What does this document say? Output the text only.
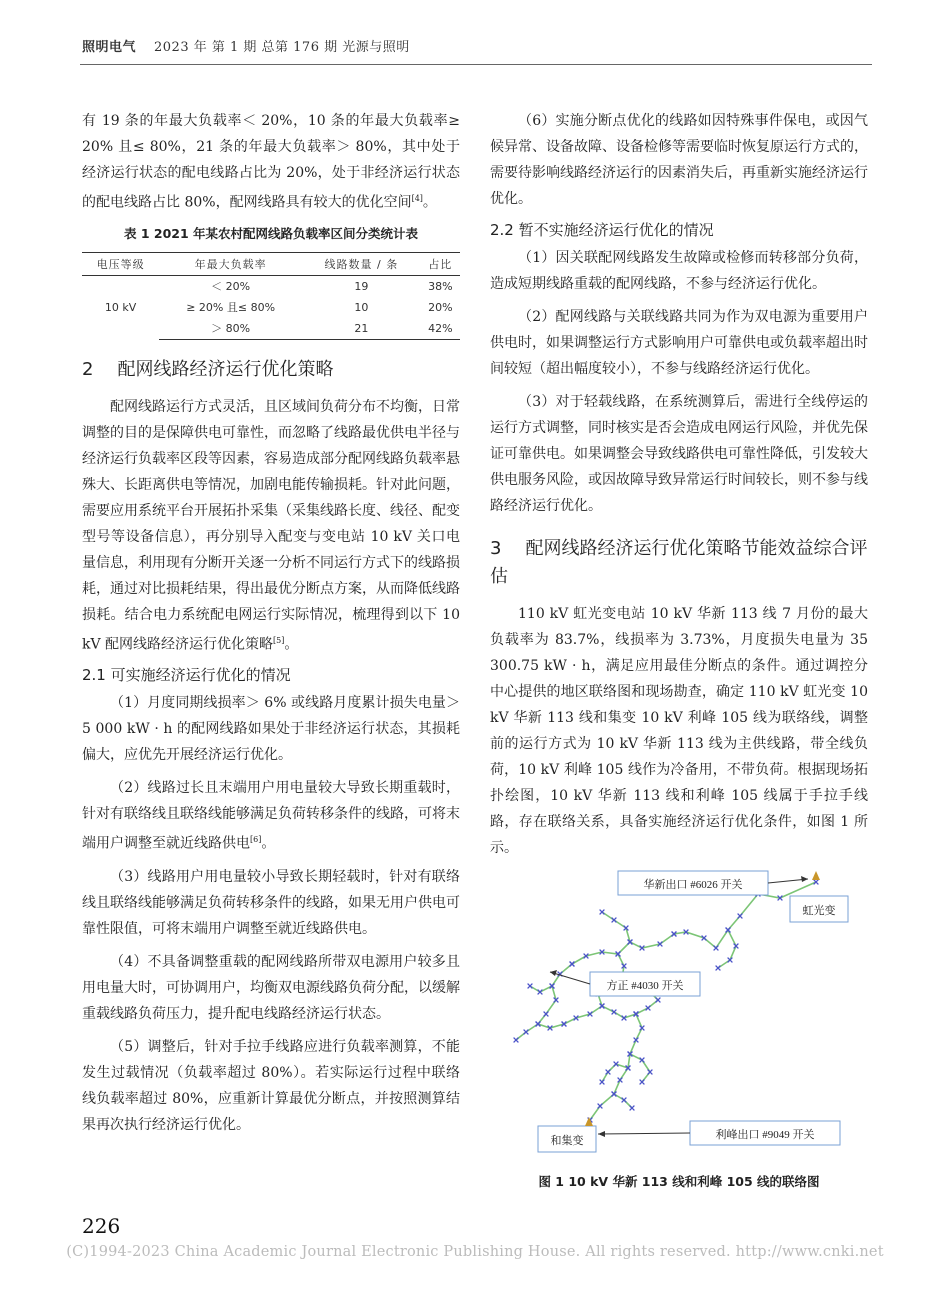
照明电气 2023 年 第 1 期 总第 176 期 光源与照明

有 19 条的年最大负载率＜ 20%，10 条的年最大负载率≥ 20% 且≤ 80%，21 条的年最大负载率＞ 80%，其中处于经济运行状态的配电线路占比为 20%，处于非经济运行状态的配电线路占比 80%，配网线路具有较大的优化空间[4]。

表 1 2021 年某农村配网线路负载率区间分类统计表
电压等级	年最大负载率	线路数量 / 条	占比
10 kV	＜ 20%	19	38%
	≥ 20% 且≤ 80%	10	20%
	＞ 80%	21	42%
2 配网线路经济运行优化策略

配网线路运行方式灵活，且区域间负荷分布不均衡，日常调整的目的是保障供电可靠性，而忽略了线路最优供电半径与经济运行负载率区段等因素，容易造成部分配网线路负载率悬殊大、长距离供电等情况，加剧电能传输损耗。针对此问题，需要应用系统平台开展拓扑采集（采集线路长度、线径、配变型号等设备信息），再分别导入配变与变电站 10 kV 关口电量信息，利用现有分断开关逐一分析不同运行方式下的线路损耗，通过对比损耗结果，得出最优分断点方案，从而降低线路损耗。结合电力系统配电网运行实际情况，梳理得到以下 10 kV 配网线路经济运行优化策略[5]。

2.1 可实施经济运行优化的情况

（1）月度同期线损率＞ 6% 或线路月度累计损失电量＞ 5 000 kW · h 的配网线路如果处于非经济运行状态，其损耗偏大，应优先开展经济运行优化。

（2）线路过长且末端用户用电量较大导致长期重载时，针对有联络线且联络线能够满足负荷转移条件的线路，可将末端用户调整至就近线路供电[6]。

（3）线路用户用电量较小导致长期轻载时，针对有联络线且联络线能够满足负荷转移条件的线路，如果无用户供电可靠性限值，可将末端用户调整至就近线路供电。

（4）不具备调整重载的配网线路所带双电源用户较多且用电量大时，可协调用户，均衡双电源线路负荷分配，以缓解重载线路负荷压力，提升配电线路经济运行状态。

（5）调整后，针对手拉手线路应进行负载率测算，不能发生过载情况（负载率超过 80%）。若实际运行过程中联络线负载率超过 80%，应重新计算最优分断点，并按照测算结果再次执行经济运行优化。

（6）实施分断点优化的线路如因特殊事件保电，或因气候异常、设备故障、设备检修等需要临时恢复原运行方式的，需要待影响线路经济运行的因素消失后，再重新实施经济运行优化。

2.2 暂不实施经济运行优化的情况

（1）因关联配网线路发生故障或检修而转移部分负荷，造成短期线路重载的配网线路，不参与经济运行优化。

（2）配网线路与关联线路共同为作为双电源为重要用户供电时，如果调整运行方式影响用户可靠供电或负载率超出时间较短（超出幅度较小），不参与线路经济运行优化。

（3）对于轻载线路，在系统测算后，需进行全线停运的运行方式调整，同时核实是否会造成电网运行风险，并优先保证可靠供电。如果调整会导致线路供电可靠性降低，引发较大供电服务风险，或因故障导致异常运行时间较长，则不参与线路经济运行优化。

3 配网线路经济运行优化策略节能效益综合评估

110 kV 虹光变电站 10 kV 华新 113 线 7 月份的最大负载率为 83.7%，线损率为 3.73%，月度损失电量为 35 300.75 kW · h，满足应用最佳分断点的条件。通过调控分中心提供的地区联络图和现场勘查，确定 110 kV 虹光变 10 kV 华新 113 线和集变 10 kV 利峰 105 线为联络线，调整前的运行方式为 10 kV 华新 113 线为主供线路，带全线负荷，10 kV 利峰 105 线作为冷备用，不带负荷。根据现场拓扑绘图，10 kV 华新 113 线和利峰 105 线属于手拉手线路，存在联络关系，具备实施经济运行优化条件，如图 1 所示。

华新出口 #6026 开关
虹光变
方正 #4030 开关
利峰出口 #9049 开关
和集变
图 1 10 kV 华新 113 线和利峰 105 线的联络图
226
(C)1994-2023 China Academic Journal Electronic Publishing House. All rights reserved. http://www.cnki.net
